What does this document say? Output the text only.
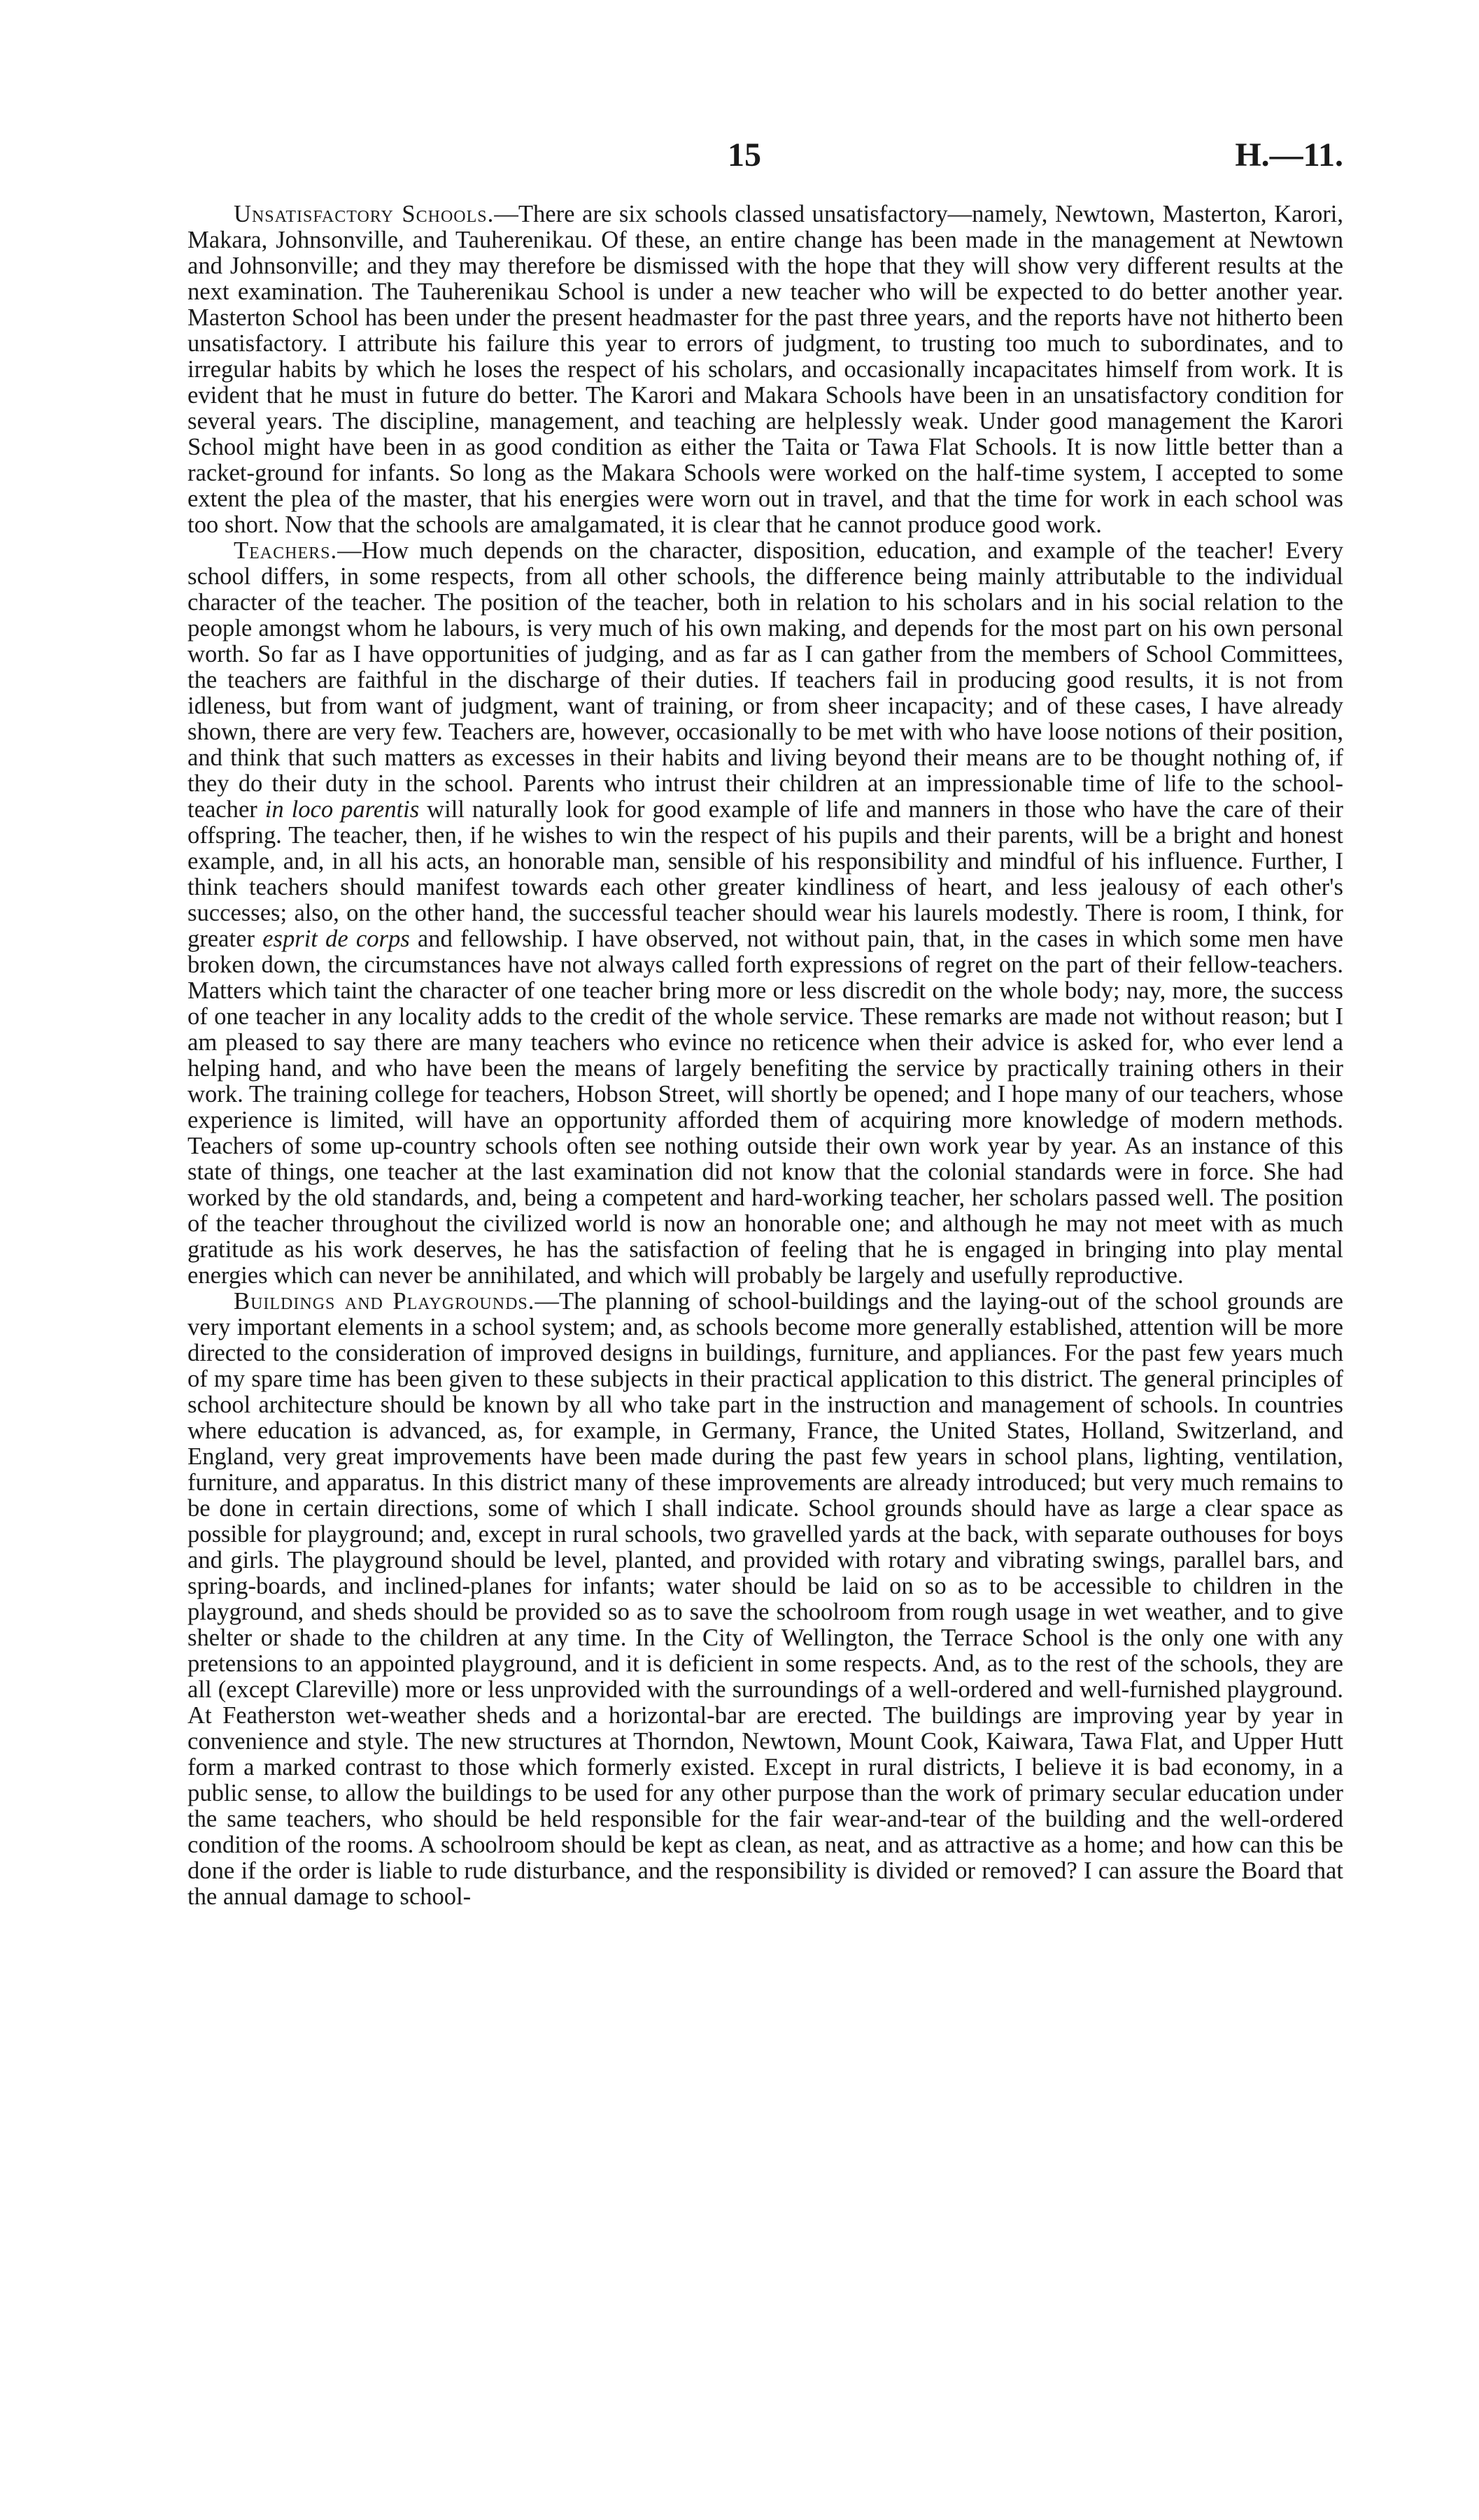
15	H.—11.

Unsatisfactory Schools.—There are six schools classed unsatisfactory—namely, Newtown, Masterton, Karori, Makara, Johnsonville, and Tauherenikau. Of these, an entire change has been made in the management at Newtown and Johnsonville; and they may therefore be dismissed with the hope that they will show very different results at the next examination. The Tauherenikau School is under a new teacher who will be expected to do better another year. Masterton School has been under the present headmaster for the past three years, and the reports have not hitherto been unsatisfactory. I attribute his failure this year to errors of judgment, to trusting too much to subordinates, and to irregular habits by which he loses the respect of his scholars, and occasionally incapacitates himself from work. It is evident that he must in future do better. The Karori and Makara Schools have been in an unsatisfactory condition for several years. The discipline, management, and teaching are helplessly weak. Under good management the Karori School might have been in as good condition as either the Taita or Tawa Flat Schools. It is now little better than a racket-ground for infants. So long as the Makara Schools were worked on the half-time system, I accepted to some extent the plea of the master, that his energies were worn out in travel, and that the time for work in each school was too short. Now that the schools are amalgamated, it is clear that he cannot produce good work.

Teachers.—How much depends on the character, disposition, education, and example of the teacher! Every school differs, in some respects, from all other schools, the difference being mainly attributable to the individual character of the teacher. The position of the teacher, both in relation to his scholars and in his social relation to the people amongst whom he labours, is very much of his own making, and depends for the most part on his own personal worth. So far as I have opportunities of judging, and as far as I can gather from the members of School Committees, the teachers are faithful in the discharge of their duties. If teachers fail in producing good results, it is not from idleness, but from want of judgment, want of training, or from sheer incapacity; and of these cases, I have already shown, there are very few. Teachers are, however, occasionally to be met with who have loose notions of their position, and think that such matters as excesses in their habits and living beyond their means are to be thought nothing of, if they do their duty in the school. Parents who intrust their children at an impressionable time of life to the school-teacher in loco parentis will naturally look for good example of life and manners in those who have the care of their offspring. The teacher, then, if he wishes to win the respect of his pupils and their parents, will be a bright and honest example, and, in all his acts, an honorable man, sensible of his responsibility and mindful of his influence. Further, I think teachers should manifest towards each other greater kindliness of heart, and less jealousy of each other's successes; also, on the other hand, the successful teacher should wear his laurels modestly. There is room, I think, for greater esprit de corps and fellowship. I have observed, not without pain, that, in the cases in which some men have broken down, the circumstances have not always called forth expressions of regret on the part of their fellow-teachers. Matters which taint the character of one teacher bring more or less discredit on the whole body; nay, more, the success of one teacher in any locality adds to the credit of the whole service. These remarks are made not without reason; but I am pleased to say there are many teachers who evince no reticence when their advice is asked for, who ever lend a helping hand, and who have been the means of largely benefiting the service by practically training others in their work. The training college for teachers, Hobson Street, will shortly be opened; and I hope many of our teachers, whose experience is limited, will have an opportunity afforded them of acquiring more knowledge of modern methods. Teachers of some up-country schools often see nothing outside their own work year by year. As an instance of this state of things, one teacher at the last examination did not know that the colonial standards were in force. She had worked by the old standards, and, being a competent and hard-working teacher, her scholars passed well. The position of the teacher throughout the civilized world is now an honorable one; and although he may not meet with as much gratitude as his work deserves, he has the satisfaction of feeling that he is engaged in bringing into play mental energies which can never be annihilated, and which will probably be largely and usefully reproductive.

Buildings and Playgrounds.—The planning of school-buildings and the laying-out of the school grounds are very important elements in a school system; and, as schools become more generally established, attention will be more directed to the consideration of improved designs in buildings, furniture, and appliances. For the past few years much of my spare time has been given to these subjects in their practical application to this district. The general principles of school architecture should be known by all who take part in the instruction and management of schools. In countries where education is advanced, as, for example, in Germany, France, the United States, Holland, Switzerland, and England, very great improvements have been made during the past few years in school plans, lighting, ventilation, furniture, and apparatus. In this district many of these improvements are already introduced; but very much remains to be done in certain directions, some of which I shall indicate. School grounds should have as large a clear space as possible for playground; and, except in rural schools, two gravelled yards at the back, with separate outhouses for boys and girls. The playground should be level, planted, and provided with rotary and vibrating swings, parallel bars, and spring-boards, and inclined-planes for infants; water should be laid on so as to be accessible to children in the playground, and sheds should be provided so as to save the schoolroom from rough usage in wet weather, and to give shelter or shade to the children at any time. In the City of Wellington, the Terrace School is the only one with any pretensions to an appointed playground, and it is deficient in some respects. And, as to the rest of the schools, they are all (except Clareville) more or less unprovided with the surroundings of a well-ordered and well-furnished playground. At Featherston wet-weather sheds and a horizontal-bar are erected. The buildings are improving year by year in convenience and style. The new structures at Thorndon, Newtown, Mount Cook, Kaiwara, Tawa Flat, and Upper Hutt form a marked contrast to those which formerly existed. Except in rural districts, I believe it is bad economy, in a public sense, to allow the buildings to be used for any other purpose than the work of primary secular education under the same teachers, who should be held responsible for the fair wear-and-tear of the building and the well-ordered condition of the rooms. A schoolroom should be kept as clean, as neat, and as attractive as a home; and how can this be done if the order is liable to rude disturbance, and the responsibility is divided or removed? I can assure the Board that the annual damage to school-
